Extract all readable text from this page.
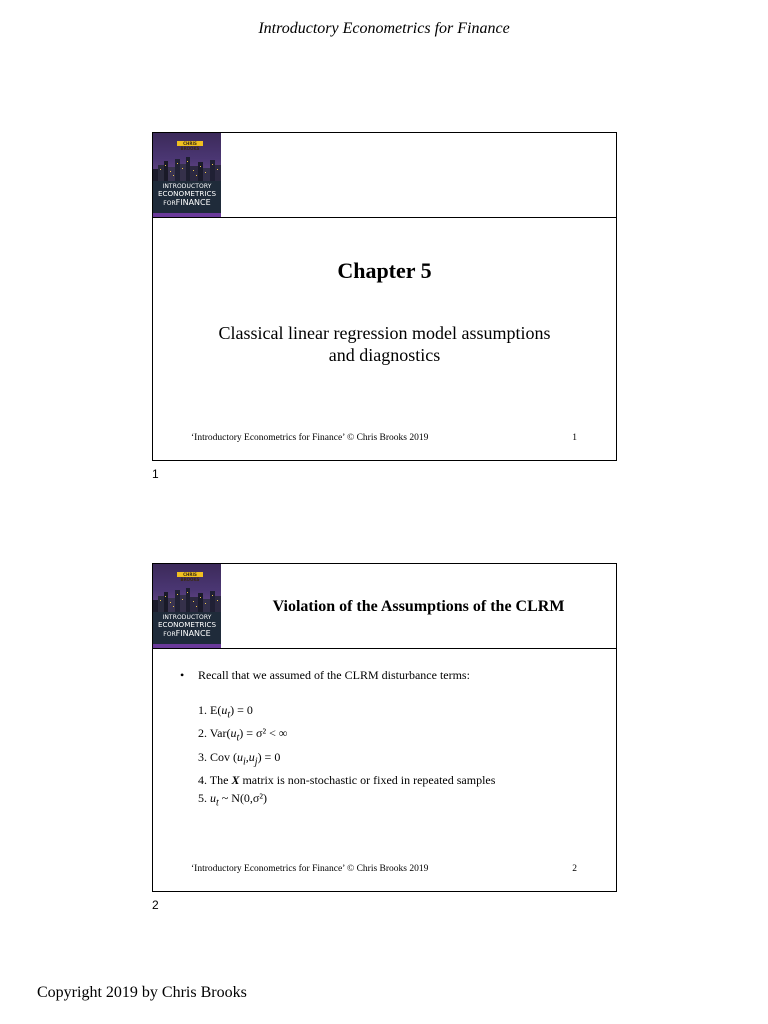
Introductory Econometrics for Finance
CHRIS BROOKS
INTRODUCTORY
ECONOMETRICS
FORFINANCE
Chapter 5
Classical linear regression model assumptions
and diagnostics
‘Introductory Econometrics for Finance’ © Chris Brooks 2019	1
1
CHRIS BROOKS
INTRODUCTORY
ECONOMETRICS
FORFINANCE
Violation of the Assumptions of the CLRM
•	Recall that we assumed of the CLRM disturbance terms:
1. $E(u_t) = 0$
2. $Var(u_t) = \sigma^2$ < ∞
3. Cov $(u_i,u_j) = 0$
4. The X matrix is non-stochastic or fixed in repeated samples
5. $u_t$ ~ N(0,σ²)
‘Introductory Econometrics for Finance’ © Chris Brooks 2019	2
2
Copyright 2019 by Chris Brooks
